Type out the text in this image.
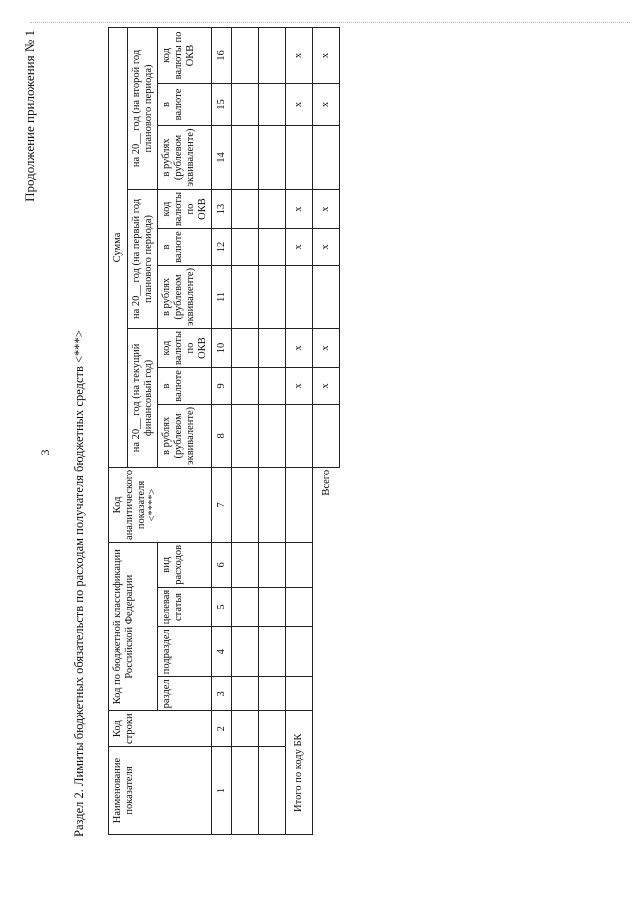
3
Продолжение приложения № 1
Раздел 2. Лимиты бюджетных обязательств по расходам получателя бюджетных средств <***> Наименование показателя	Код строки	Код по бюджетной классификации Российской Федерации				Код аналитического показателя <****>	Сумма								
							на 20__ год (на текущий финансовый год)			на 20__ год (на первый год планового периода)			на 20__ год (на второй год планового периода)		
		раздел	подраздел	целевая статья	вид расходов		в рублях (рублевом эквиваленте)	в валюте	код валюты по ОКВ	в рублях (рублевом эквиваленте)	в валюте	код валюты по ОКВ	в рублях (рублевом эквиваленте)	в валюте	код валюты по ОКВ
1	2	3	4	5	6	7	8	9	10	11	12	13	14	15	16

Итого по коду БК								х	х		х	х		х	х
						Всего		х	х		х	х		х	х
